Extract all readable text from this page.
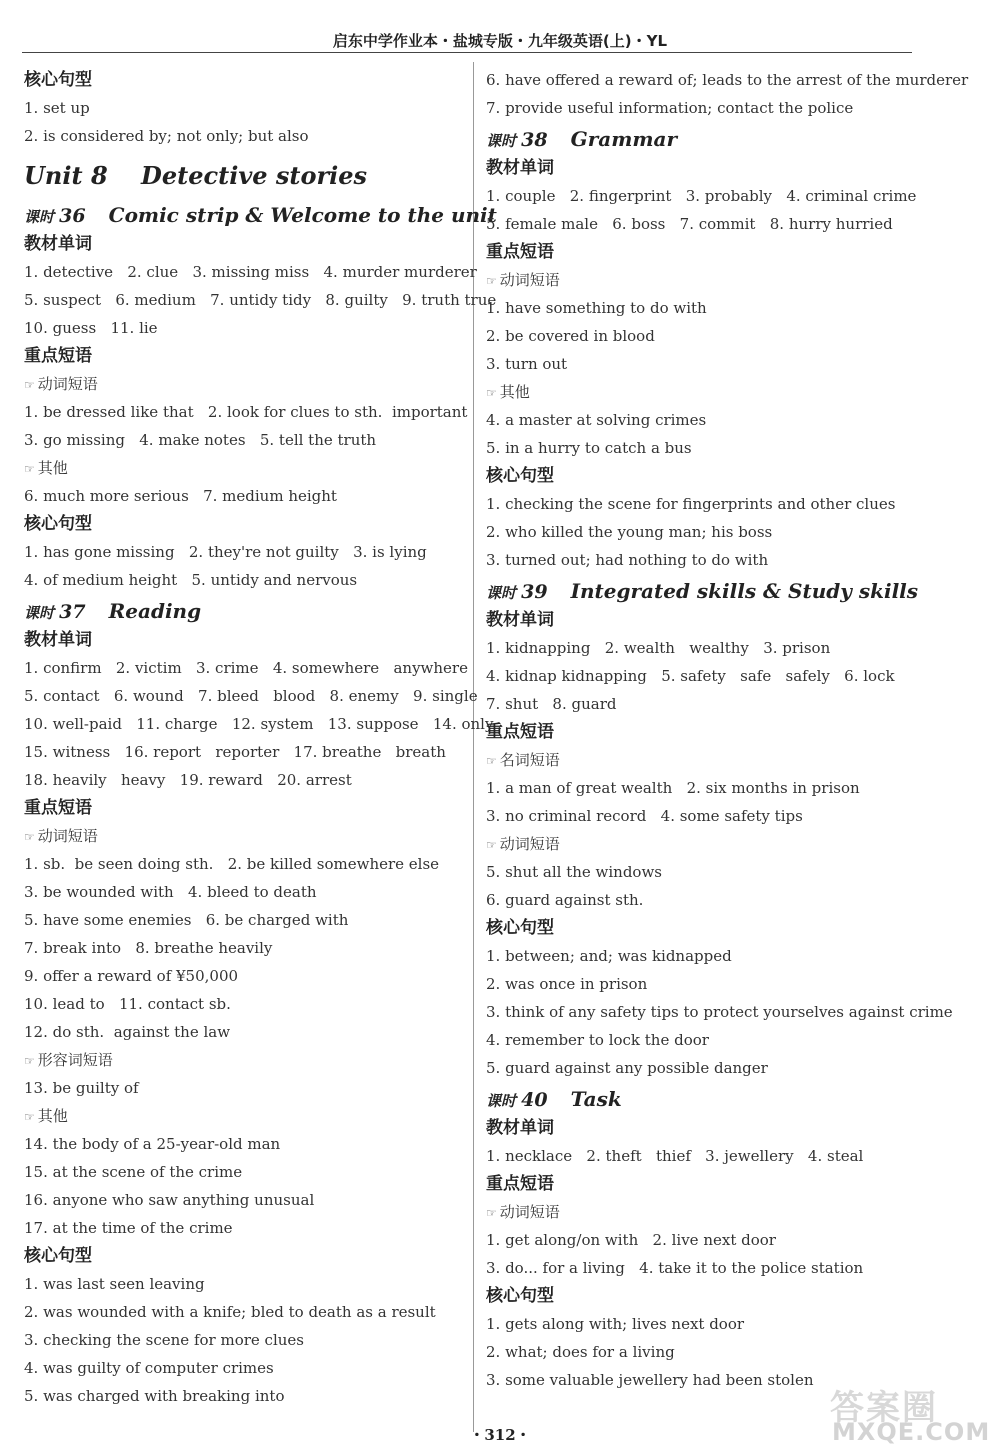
启东中学作业本・盐城专版・九年级英语(上)・YL
核心句型
1. set up
2. is considered by; not only; but also
Unit 8    Detective stories
课时 36 Comic strip & Welcome to the unit
教材单词
1. detective   2. clue   3. missing miss   4. murder murderer
5. suspect   6. medium   7. untidy tidy   8. guilty   9. truth true
10. guess   11. lie
重点短语
☞ 动词短语
1. be dressed like that   2. look for clues to sth.  important
3. go missing   4. make notes   5. tell the truth
☞ 其他
6. much more serious   7. medium height
核心句型
1. has gone missing   2. they're not guilty   3. is lying
4. of medium height   5. untidy and nervous
课时 37 Reading
教材单词
1. confirm   2. victim   3. crime   4. somewhere   anywhere
5. contact   6. wound   7. bleed   blood   8. enemy   9. single
10. well-paid   11. charge   12. system   13. suppose   14. only
15. witness   16. report   reporter   17. breathe   breath
18. heavily   heavy   19. reward   20. arrest
重点短语
☞ 动词短语
1. sb.  be seen doing sth.   2. be killed somewhere else
3. be wounded with   4. bleed to death
5. have some enemies   6. be charged with
7. break into   8. breathe heavily
9. offer a reward of ¥50,000
10. lead to   11. contact sb.
12. do sth.  against the law
☞ 形容词短语
13. be guilty of
☞ 其他
14. the body of a 25-year-old man
15. at the scene of the crime
16. anyone who saw anything unusual
17. at the time of the crime
核心句型
1. was last seen leaving
2. was wounded with a knife; bled to death as a result
3. checking the scene for more clues
4. was guilty of computer crimes
5. was charged with breaking into
6. have offered a reward of; leads to the arrest of the murderer
7. provide useful information; contact the police
课时 38 Grammar
教材单词
1. couple   2. fingerprint   3. probably   4. criminal crime
5. female male   6. boss   7. commit   8. hurry hurried
重点短语
☞ 动词短语
1. have something to do with
2. be covered in blood
3. turn out
☞ 其他
4. a master at solving crimes
5. in a hurry to catch a bus
核心句型
1. checking the scene for fingerprints and other clues
2. who killed the young man; his boss
3. turned out; had nothing to do with
课时 39 Integrated skills & Study skills
教材单词
1. kidnapping   2. wealth   wealthy   3. prison
4. kidnap kidnapping   5. safety   safe   safely   6. lock
7. shut   8. guard
重点短语
☞ 名词短语
1. a man of great wealth   2. six months in prison
3. no criminal record   4. some safety tips
☞ 动词短语
5. shut all the windows
6. guard against sth.
核心句型
1. between; and; was kidnapped
2. was once in prison
3. think of any safety tips to protect yourselves against crime
4. remember to lock the door
5. guard against any possible danger
课时 40 Task
教材单词
1. necklace   2. theft   thief   3. jewellery   4. steal
重点短语
☞ 动词短语
1. get along/on with   2. live next door
3. do... for a living   4. take it to the police station
核心句型
1. gets along with; lives next door
2. what; does for a living
3. some valuable jewellery had been stolen
答案圈
MXQE.COM
・312・
